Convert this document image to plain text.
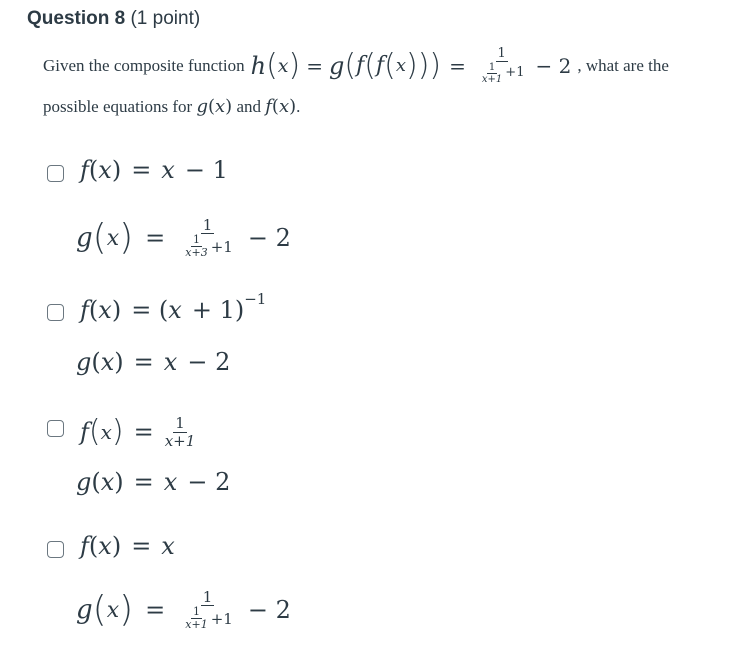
Question 8 (1 point)
Given the composite function h ( x ) = g ( f ( f ( x ) ) ) = $\frac{1}{\frac{1}{x+1} +1} - 2$ , what are the
possible equations for g(x) and f(x).
f ( x ) = x − 1
g ( x ) = $\frac{1}{\frac{1}{x+3} +1} - 2$
f ( x ) = ( x + 1) −1
g ( x ) = x − 2
f ( x ) = $\frac{1}{x+1}$
g ( x ) = x − 2
f ( x ) = x
g ( x ) = $\frac{1}{\frac{1}{x+1} +1} - 2$
